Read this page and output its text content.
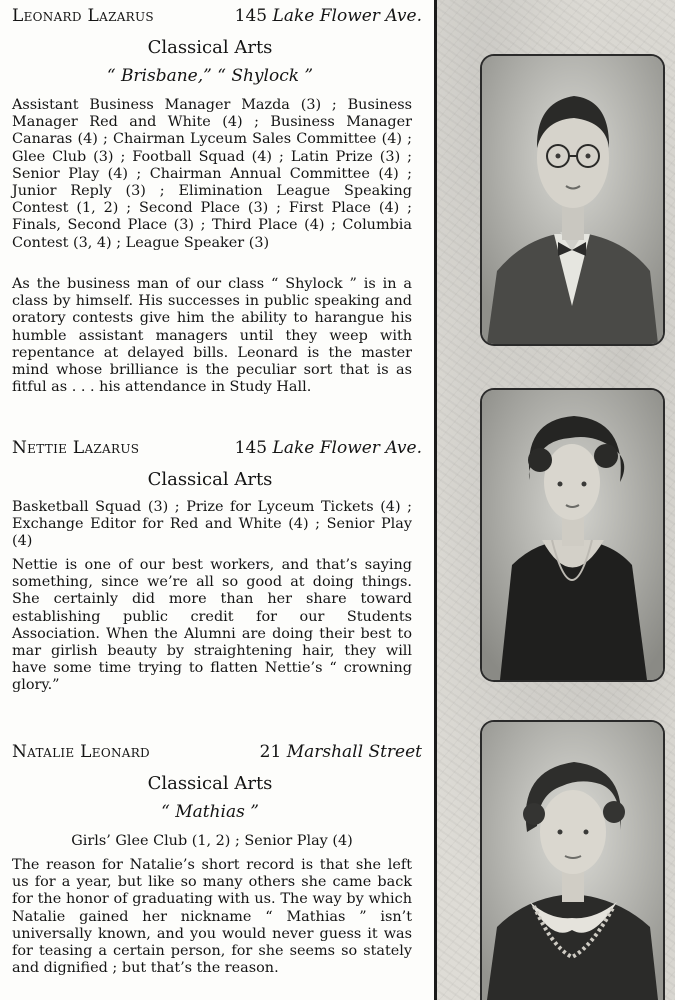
Leonard Lazarus	145 Lake Flower Ave.
Classical Arts
“ Brisbane,” “ Shylock ”
Assistant Business Manager Mazda (3) ; Business Manager Red and White (4) ; Business Manager Canaras (4) ; Chairman Lyceum Sales Committee (4) ; Glee Club (3) ; Football Squad (4) ; Latin Prize (3) ; Senior Play (4) ; Chairman Annual Committee (4) ; Junior Reply (3) ; Elimination League Speaking Contest (1, 2) ; Second Place (3) ; First Place (4) ; Finals, Second Place (3) ; Third Place (4) ; Columbia Contest (3, 4) ; League Speaker (3)
As the business man of our class “ Shylock ” is in a class by himself. His successes in public speaking and oratory contests give him the ability to harangue his humble assistant managers until they weep with repentance at delayed bills. Leonard is the master mind whose brilliance is the peculiar sort that is as fitful as . . . his attendance in Study Hall.
Nettie Lazarus	145 Lake Flower Ave.
Classical Arts
Basketball Squad (3) ; Prize for Lyceum Tickets (4) ; Exchange Editor for Red and White (4) ; Senior Play (4)
Nettie is one of our best workers, and that’s saying something, since we’re all so good at doing things. She certainly did more than her share toward establishing public credit for our Students Association. When the Alumni are doing their best to mar girlish beauty by straightening hair, they will have some time trying to flatten Nettie’s “ crowning glory.”
Natalie Leonard	21 Marshall Street
Classical Arts
“ Mathias ”
Girls’ Glee Club (1, 2) ; Senior Play (4)
The reason for Natalie’s short record is that she left us for a year, but like so many others she came back for the honor of graduating with us. The way by which Natalie gained her nickname “ Mathias ” isn’t universally known, and you would never guess it was for teasing a certain person, for she seems so stately and dignified ; but that’s the reason.
